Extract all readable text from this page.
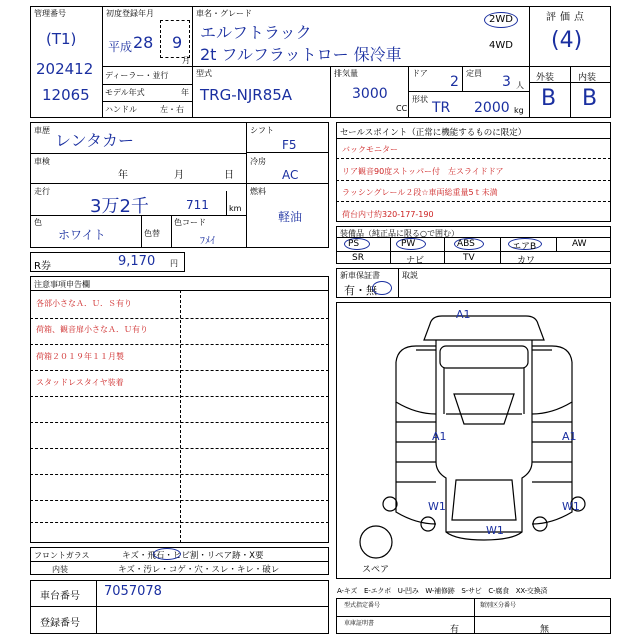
管理番号
(T1)
202412
12065
初度登録年月
平成 28 9
月
車名・グレード
エルフトラック
2t フルフラットロー 保冷車
2WD
4WD
評価点
(4)
外装	内装
B B
ディーラー・並行
モデル年式	年
ハンドル	左・右
型式
TRG-NJR85A
排気量
3000
CC
ドア
2
定員
3 人
形状
TR 2000 kg
車歴
レンタカー
車検
年	月	日
走行
3万2千	711	km
色
ホワイト	色替
色コード
ﾌﾒｲ
シフト
F5
冷房
AC
燃料
軽油
R券	9,170 円
注意事項申告欄
各部小さなＡ．Ｕ．Ｓ有り
荷箱、観音扉小さなＡ．Ｕ有り
荷箱２０１９年１１月製
スタッドレスタイヤ装着
セールスポイント（正常に機能するものに限定）
バックモニター
リア観音90度ストッパー付　左スライドドア
ラッシングレール２段☆車両総重量5ｔ未満
荷台内寸約320-177-190
装備品（純正品に限る○で囲む）
PS	PW	ABS	エアB	AW
SR	ナビ	TV	カワ
新車保証書
有・無
取説
A1
A1	A1
W1	W1
W1
スペア
フロントガラス	キズ・飛石・ヒビ割・リペア跡・X要
内装	キズ・汚レ・コゲ・穴・スレ・キレ・破レ
車台番号 7057078
登録番号
A-キズ　E-エクボ　U-凹み　W-補修跡　S-サビ　C-腐食　XX-交換済
型式指定番号	類別区分番号
車庫証明書
有	無
